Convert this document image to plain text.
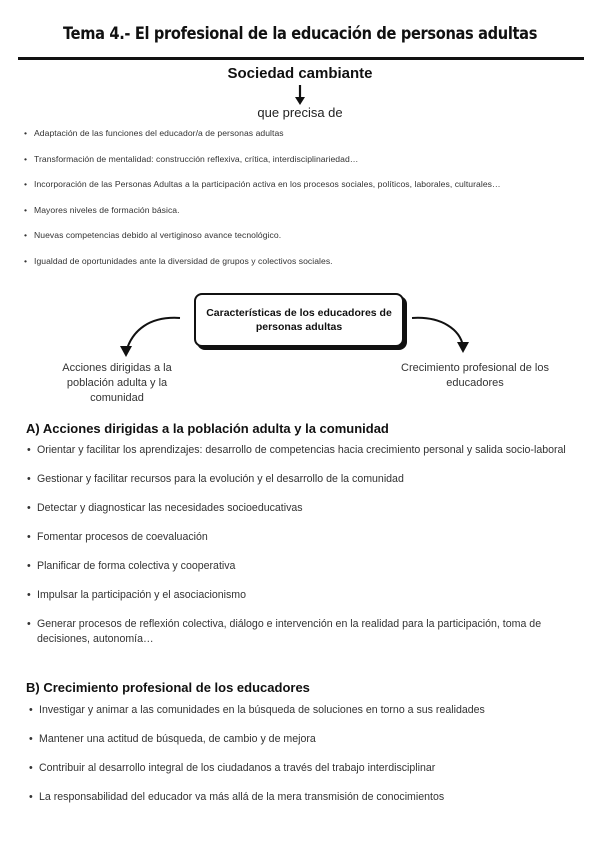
Tema 4.- El profesional de la educación de personas adultas
Sociedad cambiante
que precisa de
• Adaptación de las funciones del educador/a de personas adultas
• Transformación de mentalidad: construcción reflexiva, crítica, interdisciplinariedad…
• Incorporación de las Personas Adultas a la participación activa en los procesos sociales, políticos, laborales, culturales…
• Mayores niveles de formación básica.
• Nuevas competencias debido al vertiginoso avance tecnológico.
• Igualdad de oportunidades ante la diversidad de grupos y colectivos sociales.
Características de los educadores de personas adultas
Acciones dirigidas a la población adulta y la comunidad
Crecimiento profesional de los educadores
A) Acciones dirigidas a la población adulta y la comunidad
• Orientar y facilitar los aprendizajes: desarrollo de competencias hacia crecimiento personal y salida socio-laboral
• Gestionar y facilitar recursos para la evolución y el desarrollo de la comunidad
• Detectar y diagnosticar las necesidades socioeducativas
• Fomentar procesos de coevaluación
• Planificar de forma colectiva y cooperativa
• Impulsar la participación y el asociacionismo
• Generar procesos de reflexión colectiva, diálogo e intervención en la realidad para la participación, toma de decisiones, autonomía…
B) Crecimiento profesional de los educadores
• Investigar y animar a las comunidades en la búsqueda de soluciones en torno a sus realidades
• Mantener una actitud de búsqueda, de cambio y de mejora
• Contribuir al desarrollo integral de los ciudadanos a través del trabajo interdisciplinar
• La responsabilidad del educador va más allá de la mera transmisión de conocimientos
